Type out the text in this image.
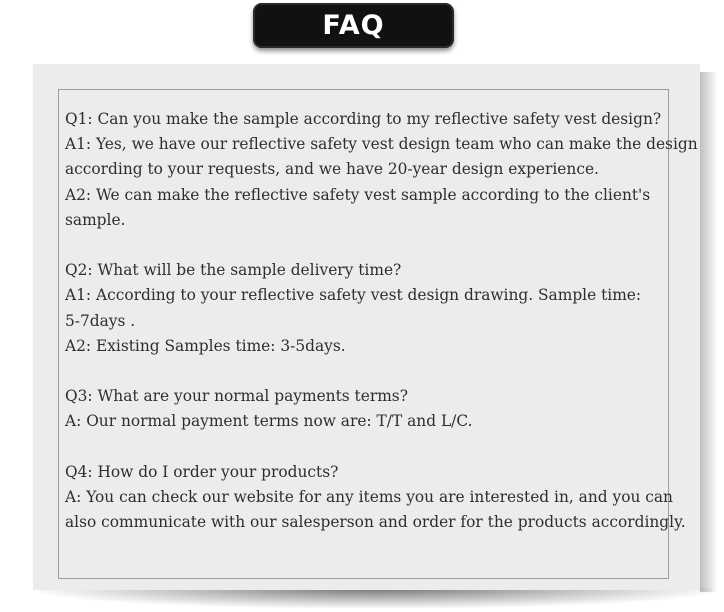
FAQ
Q1: Can you make the sample according to my reflective safety vest design?
A1: Yes, we have our reflective safety vest design team who can make the design
according to your requests, and we have 20-year design experience.
A2: We can make the reflective safety vest sample according to the client's
sample.
Q2: What will be the sample delivery time?
A1: According to your reflective safety vest design drawing. Sample time:
5-7days .
A2: Existing Samples time: 3-5days.
Q3: What are your normal payments terms?
A: Our normal payment terms now are: T/T and L/C.
Q4: How do I order your products?
A: You can check our website for any items you are interested in, and you can
also communicate with our salesperson and order for the products accordingly.
